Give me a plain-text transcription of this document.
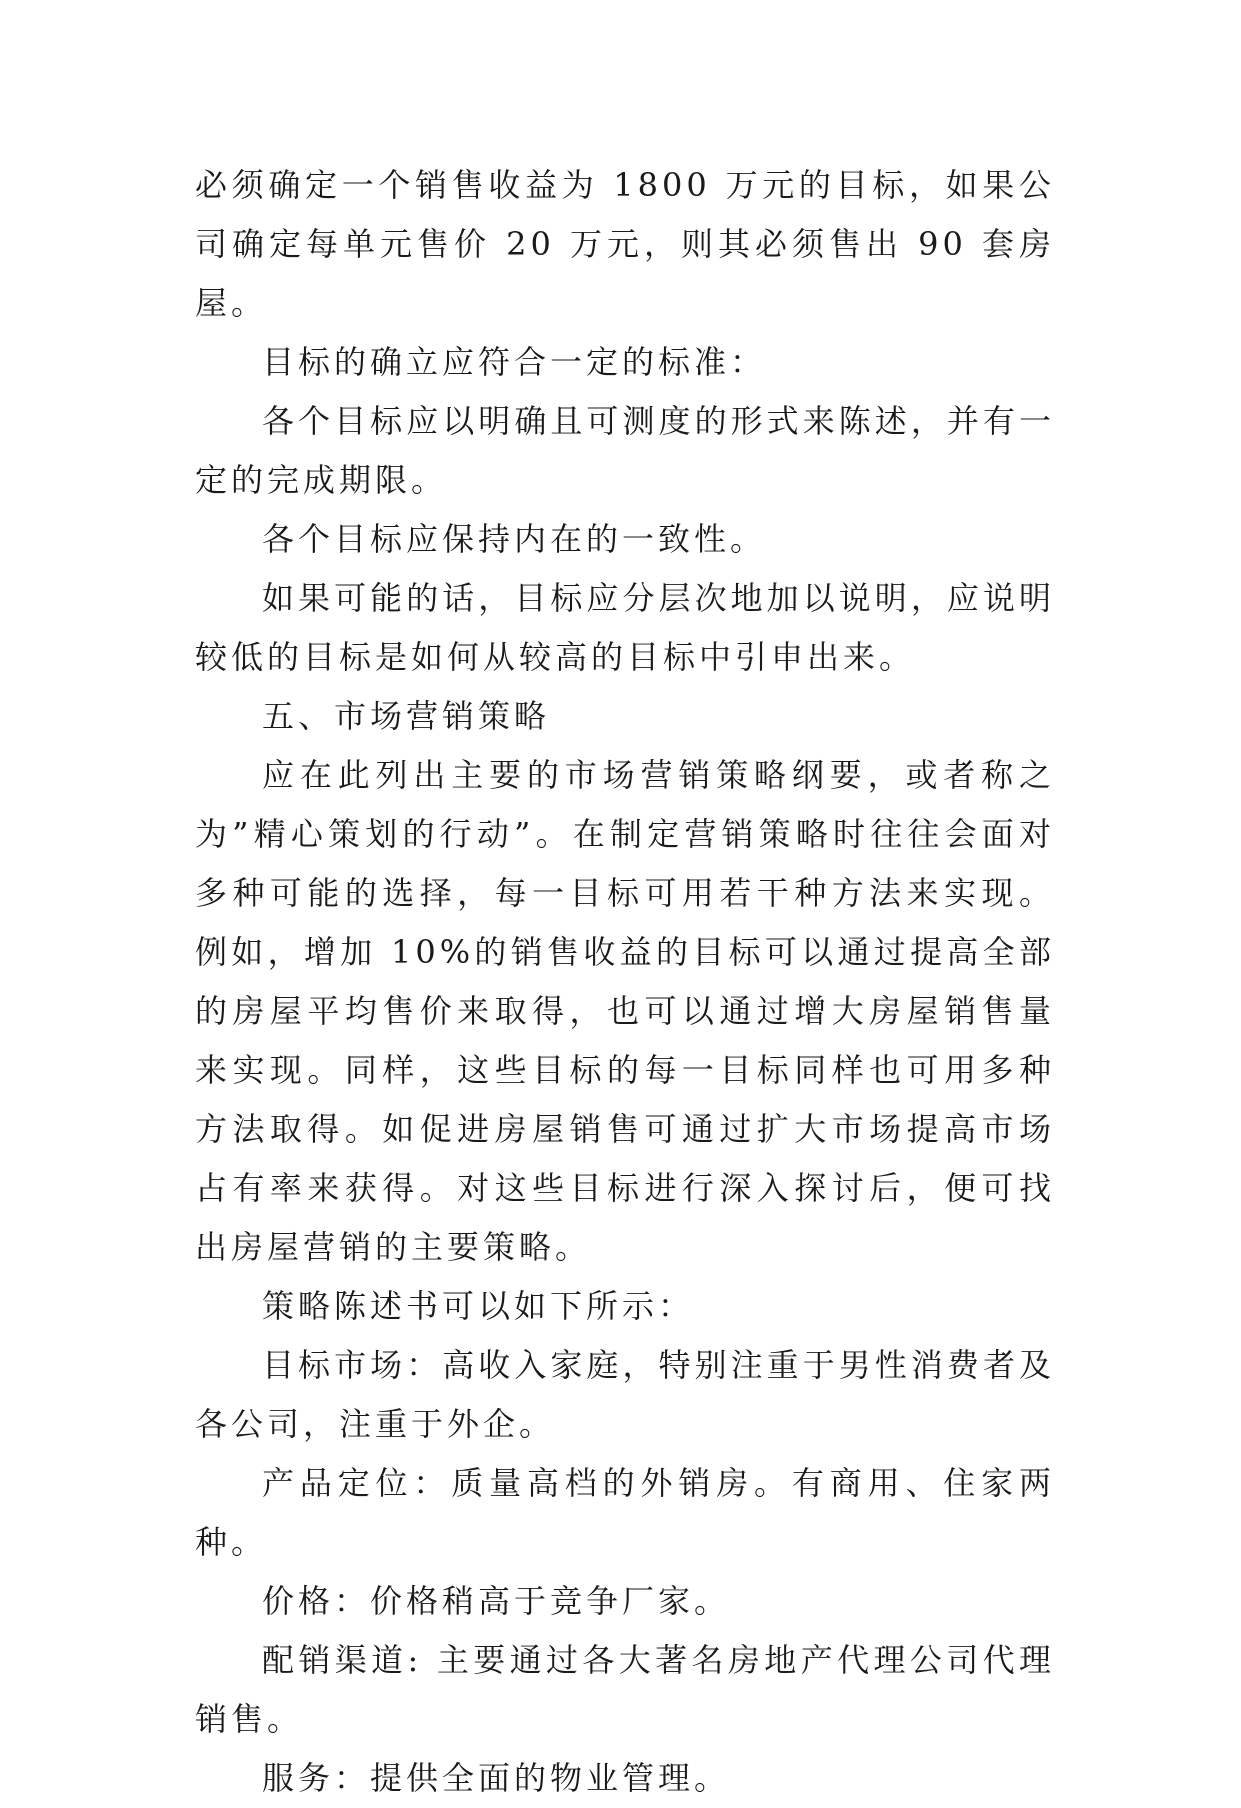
必须确定一个销售收益为 1800 万元的目标，如果公司确定每单元售价 20 万元，则其必须售出 90 套房屋。

目标的确立应符合一定的标准：

各个目标应以明确且可测度的形式来陈述，并有一定的完成期限。

各个目标应保持内在的一致性。

如果可能的话，目标应分层次地加以说明，应说明较低的目标是如何从较高的目标中引申出来。

五、市场营销策略

应在此列出主要的市场营销策略纲要，或者称之为”精心策划的行动”。在制定营销策略时往往会面对多种可能的选择，每一目标可用若干种方法来实现。例如，增加 10%的销售收益的目标可以通过提高全部的房屋平均售价来取得，也可以通过增大房屋销售量来实现。同样，这些目标的每一目标同样也可用多种方法取得。如促进房屋销售可通过扩大市场提高市场占有率来获得。对这些目标进行深入探讨后，便可找出房屋营销的主要策略。

策略陈述书可以如下所示：

目标市场：高收入家庭，特别注重于男性消费者及各公司，注重于外企。

产品定位：质量高档的外销房。有商用、住家两种。

价格：价格稍高于竞争厂家。

配销渠道: 主要通过各大著名房地产代理公司代理销售。

服务：提供全面的物业管理。
